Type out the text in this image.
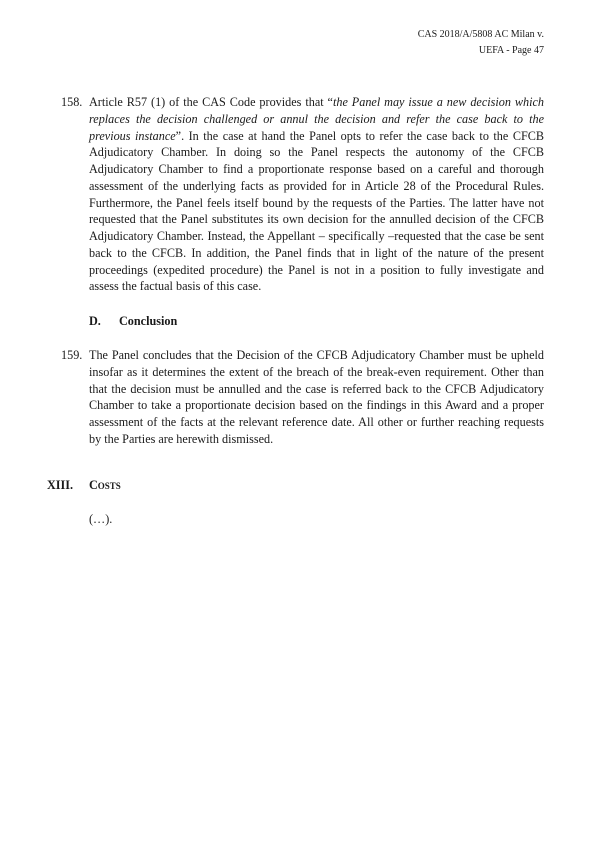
CAS 2018/A/5808 AC Milan v.
UEFA - Page 47
158. Article R57 (1) of the CAS Code provides that “the Panel may issue a new decision which replaces the decision challenged or annul the decision and refer the case back to the previous instance”. In the case at hand the Panel opts to refer the case back to the CFCB Adjudicatory Chamber. In doing so the Panel respects the autonomy of the CFCB Adjudicatory Chamber to find a proportionate response based on a careful and thorough assessment of the underlying facts as provided for in Article 28 of the Procedural Rules. Furthermore, the Panel feels itself bound by the requests of the Parties. The latter have not requested that the Panel substitutes its own decision for the annulled decision of the CFCB Adjudicatory Chamber. Instead, the Appellant – specifically –requested that the case be sent back to the CFCB. In addition, the Panel finds that in light of the nature of the present proceedings (expedited procedure) the Panel is not in a position to fully investigate and assess the factual basis of this case.
D. Conclusion
159. The Panel concludes that the Decision of the CFCB Adjudicatory Chamber must be upheld insofar as it determines the extent of the breach of the break-even requirement. Other than that the decision must be annulled and the case is referred back to the CFCB Adjudicatory Chamber to take a proportionate decision based on the findings in this Award and a proper assessment of the facts at the relevant reference date. All other or further reaching requests by the Parties are herewith dismissed.
XIII. Costs
(…).
